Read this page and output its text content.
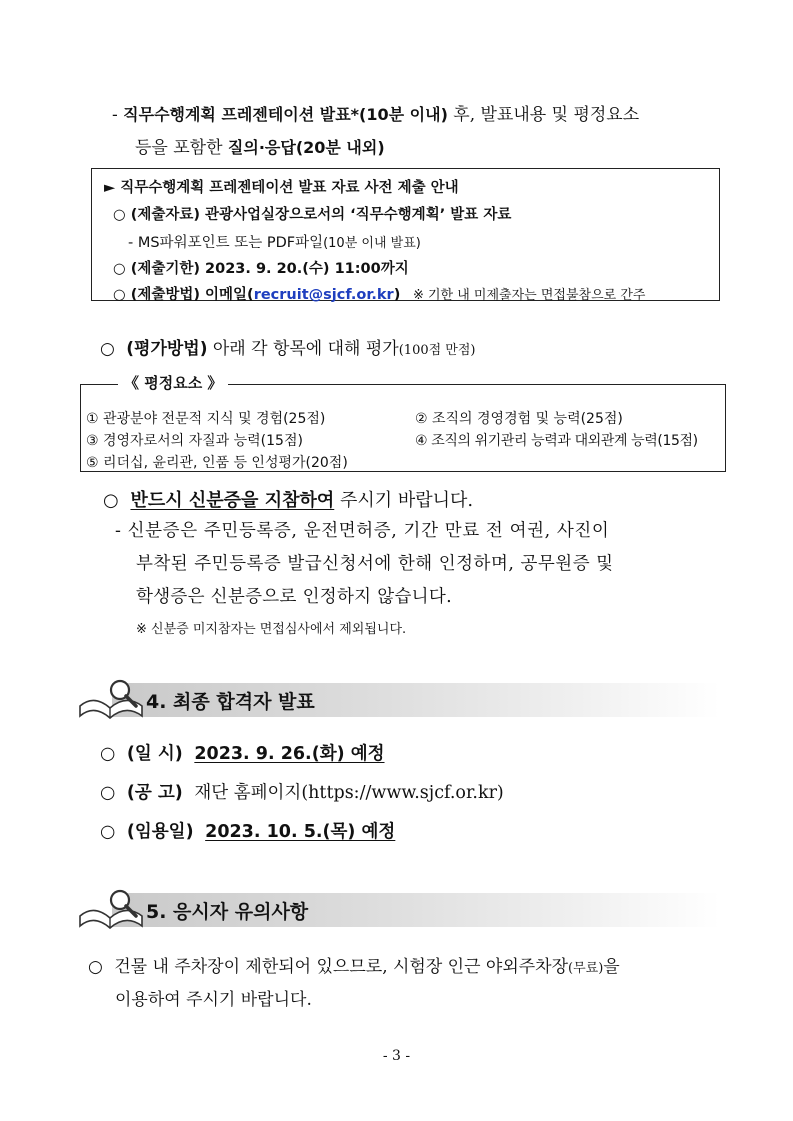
- 직무수행계획 프레젠테이션 발표*(10분 이내) 후, 발표내용 및 평정요소
등을 포함한 질의·응답(20분 내외)
► 직무수행계획 프레젠테이션 발표 자료 사전 제출 안내
○ (제출자료) 관광사업실장으로서의 ‘직무수행계획’ 발표 자료
- MS파워포인트 또는 PDF파일(10분 이내 발표)
○ (제출기한) 2023. 9. 20.(수) 11:00까지
○ (제출방법) 이메일(recruit@sjcf.or.kr) ※ 기한 내 미제출자는 면접불참으로 간주
○ (평가방법) 아래 각 항목에 대해 평가(100점 만점)
《 평정요소 》
① 관광분야 전문적 지식 및 경험(25점)	② 조직의 경영경험 및 능력(25점)
③ 경영자로서의 자질과 능력(15점)	④ 조직의 위기관리 능력과 대외관계 능력(15점)
⑤ 리더십, 윤리관, 인품 등 인성평가(20점)
○ 반드시 신분증을 지참하여 주시기 바랍니다.
- 신분증은 주민등록증, 운전면허증, 기간 만료 전 여권, 사진이
부착된 주민등록증 발급신청서에 한해 인정하며, 공무원증 및
학생증은 신분증으로 인정하지 않습니다.
※ 신분증 미지참자는 면접심사에서 제외됩니다.
4. 최종 합격자 발표
○ (일 시) 2023. 9. 26.(화) 예정
○ (공 고) 재단 홈페이지(https://www.sjcf.or.kr)
○ (임용일) 2023. 10. 5.(목) 예정
5. 응시자 유의사항
○ 건물 내 주차장이 제한되어 있으므로, 시험장 인근 야외주차장(무료)을
이용하여 주시기 바랍니다.
- 3 -
